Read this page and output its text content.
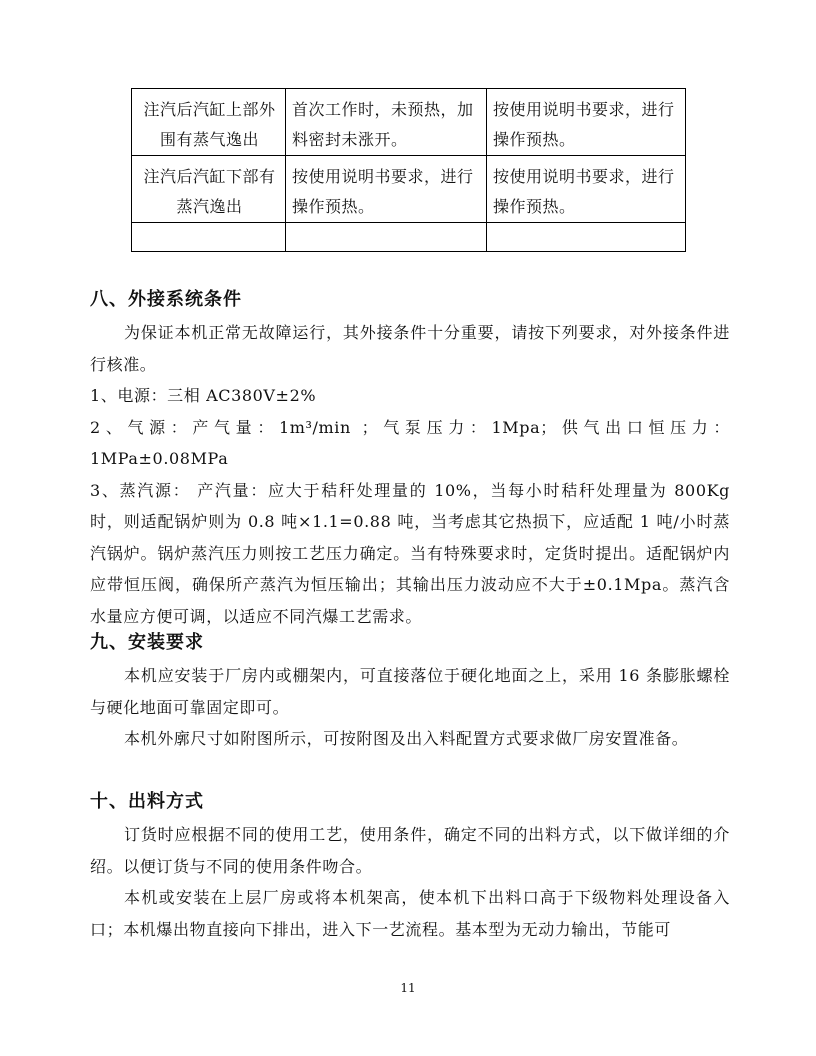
注汽后汽缸上部外围有蒸气逸出	首次工作时，未预热，加料密封未涨开。	按使用说明书要求，进行操作预热。
注汽后汽缸下部有蒸汽逸出	按使用说明书要求，进行操作预热。	按使用说明书要求，进行操作预热。

八、外接系统条件

为保证本机正常无故障运行，其外接条件十分重要，请按下列要求，对外接条件进行核准。

1、电源：三相 AC380V±2%

2、气源：产气量：1m³/min ；气泵压力：1Mpa；供气出口恒压力：1MPa±0.08MPa

3、蒸汽源： 产汽量：应大于秸秆处理量的 10%，当每小时秸秆处理量为 800Kg 时，则适配锅炉则为 0.8 吨×1.1=0.88 吨，当考虑其它热损下，应适配 1 吨/小时蒸汽锅炉。锅炉蒸汽压力则按工艺压力确定。当有特殊要求时，定货时提出。适配锅炉内应带恒压阀，确保所产蒸汽为恒压输出；其输出压力波动应不大于±0.1Mpa。蒸汽含水量应方便可调，以适应不同汽爆工艺需求。

九、安装要求

本机应安装于厂房内或棚架内，可直接落位于硬化地面之上，采用 16 条膨胀螺栓与硬化地面可靠固定即可。

本机外廓尺寸如附图所示，可按附图及出入料配置方式要求做厂房安置准备。

十、出料方式

订货时应根据不同的使用工艺，使用条件，确定不同的出料方式，以下做详细的介绍。以便订货与不同的使用条件吻合。

本机或安装在上层厂房或将本机架高，使本机下出料口高于下级物料处理设备入口；本机爆出物直接向下排出，进入下一艺流程。基本型为无动力输出，节能可

11
